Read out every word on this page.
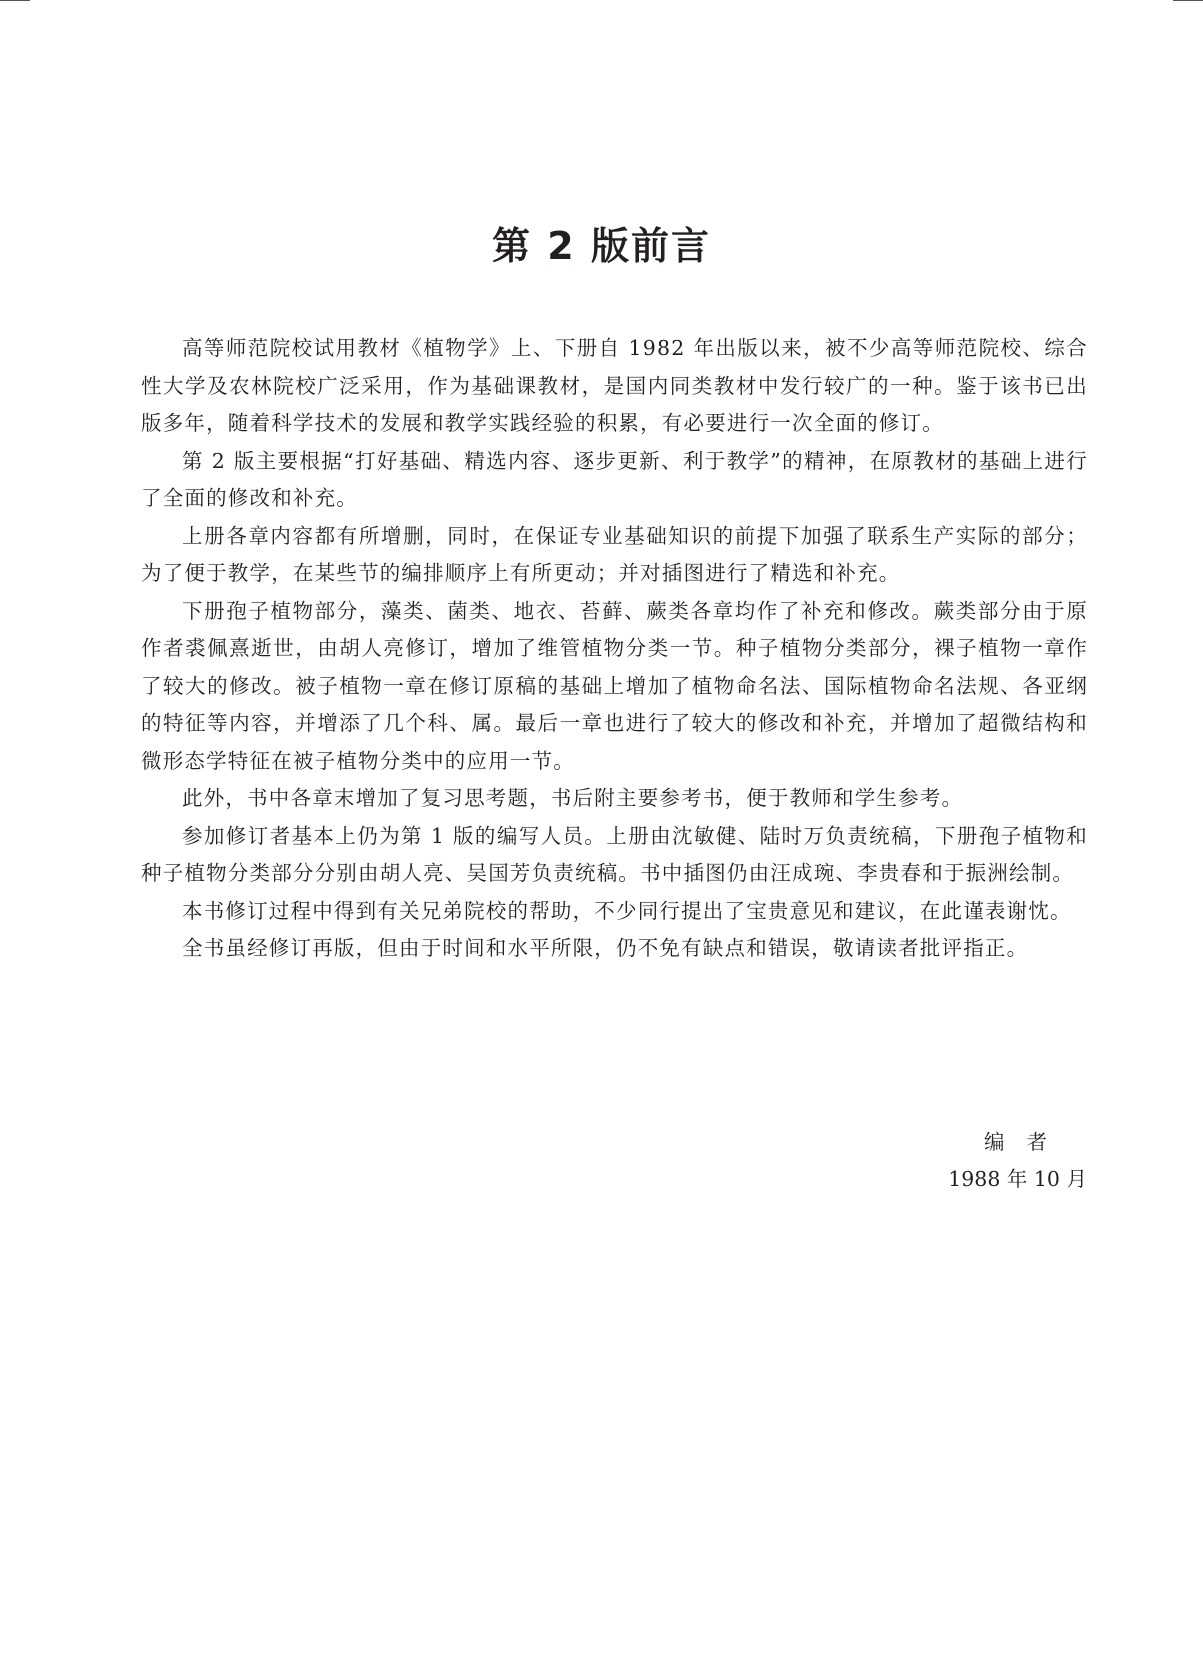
第 2 版前言

高等师范院校试用教材《植物学》上、下册自 1982 年出版以来，被不少高等师范院校、综合性大学及农林院校广泛采用，作为基础课教材，是国内同类教材中发行较广的一种。鉴于该书已出版多年，随着科学技术的发展和教学实践经验的积累，有必要进行一次全面的修订。

第 2 版主要根据“打好基础、精选内容、逐步更新、利于教学”的精神，在原教材的基础上进行了全面的修改和补充。

上册各章内容都有所增删，同时，在保证专业基础知识的前提下加强了联系生产实际的部分；为了便于教学，在某些节的编排顺序上有所更动；并对插图进行了精选和补充。

下册孢子植物部分，藻类、菌类、地衣、苔藓、蕨类各章均作了补充和修改。蕨类部分由于原作者裘佩熹逝世，由胡人亮修订，增加了维管植物分类一节。种子植物分类部分，裸子植物一章作了较大的修改。被子植物一章在修订原稿的基础上增加了植物命名法、国际植物命名法规、各亚纲的特征等内容，并增添了几个科、属。最后一章也进行了较大的修改和补充，并增加了超微结构和微形态学特征在被子植物分类中的应用一节。

此外，书中各章末增加了复习思考题，书后附主要参考书，便于教师和学生参考。

参加修订者基本上仍为第 1 版的编写人员。上册由沈敏健、陆时万负责统稿，下册孢子植物和种子植物分类部分分别由胡人亮、吴国芳负责统稿。书中插图仍由汪成琬、李贵春和于振洲绘制。

本书修订过程中得到有关兄弟院校的帮助，不少同行提出了宝贵意见和建议，在此谨表谢忱。

全书虽经修订再版，但由于时间和水平所限，仍不免有缺点和错误，敬请读者批评指正。

编者
1988 年 10 月
